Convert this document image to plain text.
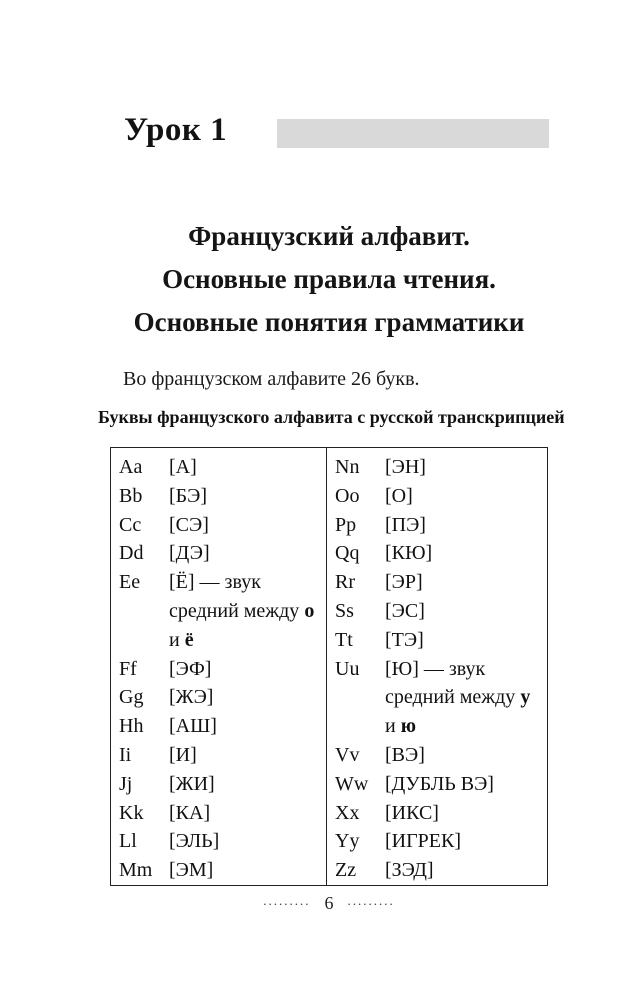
Урок 1
Французский алфавит.
Основные правила чтения.
Основные понятия грамматики
Во французском алфавите 26 букв.
Буквы французского алфавита с русской транскрипцией
Aa	[А]
Bb	[БЭ]
Cc	[СЭ]
Dd	[ДЭ]
Ee	[Ё] — звук
средний между о
и ё
Ff	[ЭФ]
Gg	[ЖЭ]
Hh	[АШ]
Ii	[И]
Jj	[ЖИ]
Kk	[КА]
Ll	[ЭЛЬ]
Mm [ЭМ]
Nn	[ЭН]
Oo	[О]
Pp	[ПЭ]
Qq	[КЮ]
Rr	[ЭР]
Ss	[ЭС]
Tt	[ТЭ]
Uu	[Ю] — звук
средний между у
и ю
Vv	[ВЭ]
Ww [ДУБЛЬ ВЭ]
Xx	[ИКС]
Yy	[ИГРЕК]
Zz	[ЗЭД]
......... 6 .........
